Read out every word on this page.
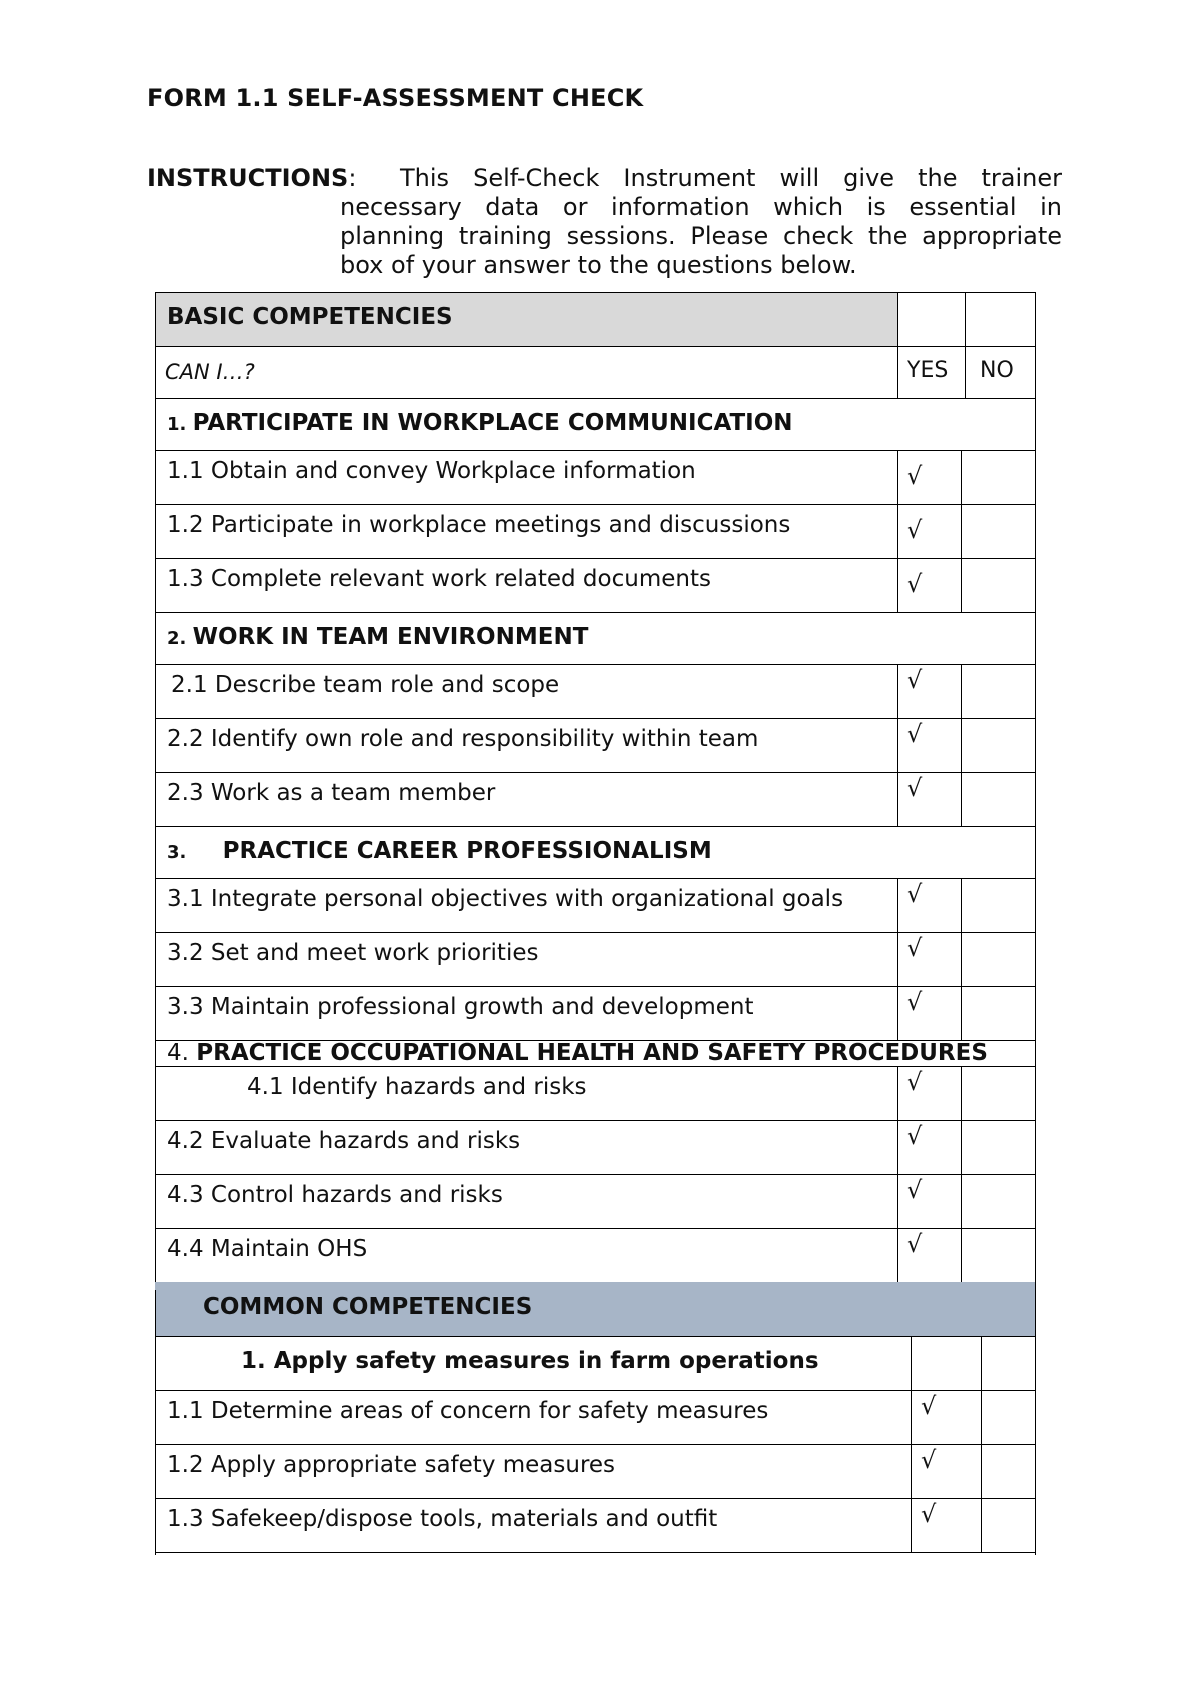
FORM 1.1 SELF-ASSESSMENT CHECK
INSTRUCTIONS: This Self-Check Instrument will give the trainer
necessary data or information which is essential in planning training sessions. Please check the appropriate box of your answer to the questions below.
BASIC COMPETENCIES
CAN I…?	YES NO
1. PARTICIPATE IN WORKPLACE COMMUNICATION
1.1 Obtain and convey Workplace information	√
1.2 Participate in workplace meetings and discussions	√
1.3 Complete relevant work related documents	√
2. WORK IN TEAM ENVIRONMENT
2.1 Describe team role and scope	√
2.2 Identify own role and responsibility within team	√
2.3 Work as a team member	√
3. PRACTICE CAREER PROFESSIONALISM
3.1 Integrate personal objectives with organizational goals	√
3.2 Set and meet work priorities	√
3.3 Maintain professional growth and development	√
4. PRACTICE OCCUPATIONAL HEALTH AND SAFETY PROCEDURES
4.1 Identify hazards and risks	√
4.2 Evaluate hazards and risks	√
4.3 Control hazards and risks	√
4.4 Maintain OHS	√
COMMON COMPETENCIES
1. Apply safety measures in farm operations
1.1 Determine areas of concern for safety measures	√
1.2 Apply appropriate safety measures	√
1.3 Safekeep/dispose tools, materials and outfit	√
